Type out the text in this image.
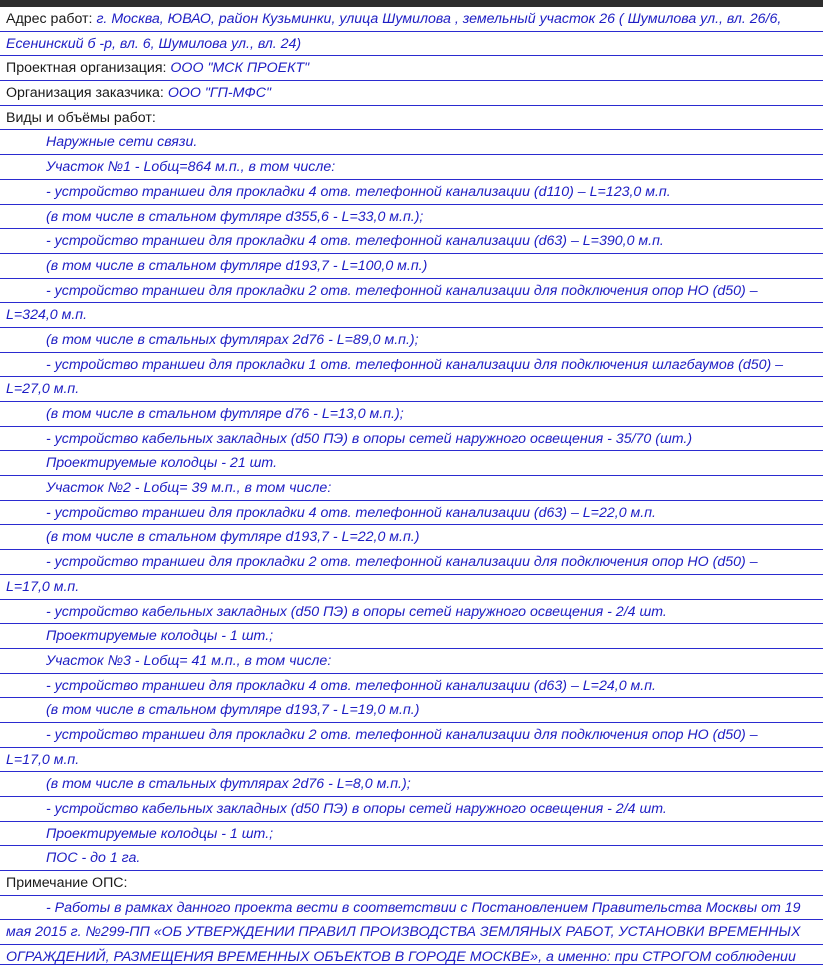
Адрес работ: г. Москва, ЮВАО, район Кузьминки, улица Шумилова , земельный участок 26 ( Шумилова ул., вл. 26/6,
Есенинский б -р, вл. 6, Шумилова ул., вл. 24)
Проектная организация: ООО "МСК ПРОЕКТ"
Организация заказчика: ООО "ГП-МФС"
Виды и объёмы работ:
Наружные сети связи.
Участок №1 - Lобщ=864 м.п., в том числе:
- устройство траншеи для прокладки 4 отв. телефонной канализации (d110) – L=123,0 м.п.
(в том числе в стальном футляре d355,6 - L=33,0 м.п.);
- устройство траншеи для прокладки 4 отв. телефонной канализации (d63) – L=390,0 м.п.
(в том числе в стальном футляре d193,7 - L=100,0 м.п.)
- устройство траншеи для прокладки 2 отв. телефонной канализации для подключения опор НО (d50) –
L=324,0 м.п.
(в том числе в стальных футлярах 2d76 - L=89,0 м.п.);
- устройство траншеи для прокладки 1 отв. телефонной канализации для подключения шлагбаумов (d50) –
L=27,0 м.п.
(в том числе в стальном футляре d76 - L=13,0 м.п.);
- устройство кабельных закладных (d50 ПЭ) в опоры сетей наружного освещения - 35/70 (шт.)
Проектируемые колодцы - 21 шт.
Участок №2 - Lобщ= 39 м.п., в том числе:
- устройство траншеи для прокладки 4 отв. телефонной канализации (d63) – L=22,0 м.п.
(в том числе в стальном футляре d193,7 - L=22,0 м.п.)
- устройство траншеи для прокладки 2 отв. телефонной канализации для подключения опор НО (d50) –
L=17,0 м.п.
- устройство кабельных закладных (d50 ПЭ) в опоры сетей наружного освещения - 2/4 шт.
Проектируемые колодцы - 1 шт.;
Участок №3 - Lобщ= 41 м.п., в том числе:
- устройство траншеи для прокладки 4 отв. телефонной канализации (d63) – L=24,0 м.п.
(в том числе в стальном футляре d193,7 - L=19,0 м.п.)
- устройство траншеи для прокладки 2 отв. телефонной канализации для подключения опор НО (d50) –
L=17,0 м.п.
(в том числе в стальных футлярах 2d76 - L=8,0 м.п.);
- устройство кабельных закладных (d50 ПЭ) в опоры сетей наружного освещения - 2/4 шт.
Проектируемые колодцы - 1 шт.;
ПОС - до 1 га.
Примечание ОПС:
- Работы в рамках данного проекта вести в соответствии с Постановлением Правительства Москвы от 19
мая 2015 г. №299-ПП «ОБ УТВЕРЖДЕНИИ ПРАВИЛ ПРОИЗВОДСТВА ЗЕМЛЯНЫХ РАБОТ, УСТАНОВКИ ВРЕМЕННЫХ
ОГРАЖДЕНИЙ, РАЗМЕЩЕНИЯ ВРЕМЕННЫХ ОБЪЕКТОВ В ГОРОДЕ МОСКВЕ», а именно: при СТРОГОМ соблюдении
